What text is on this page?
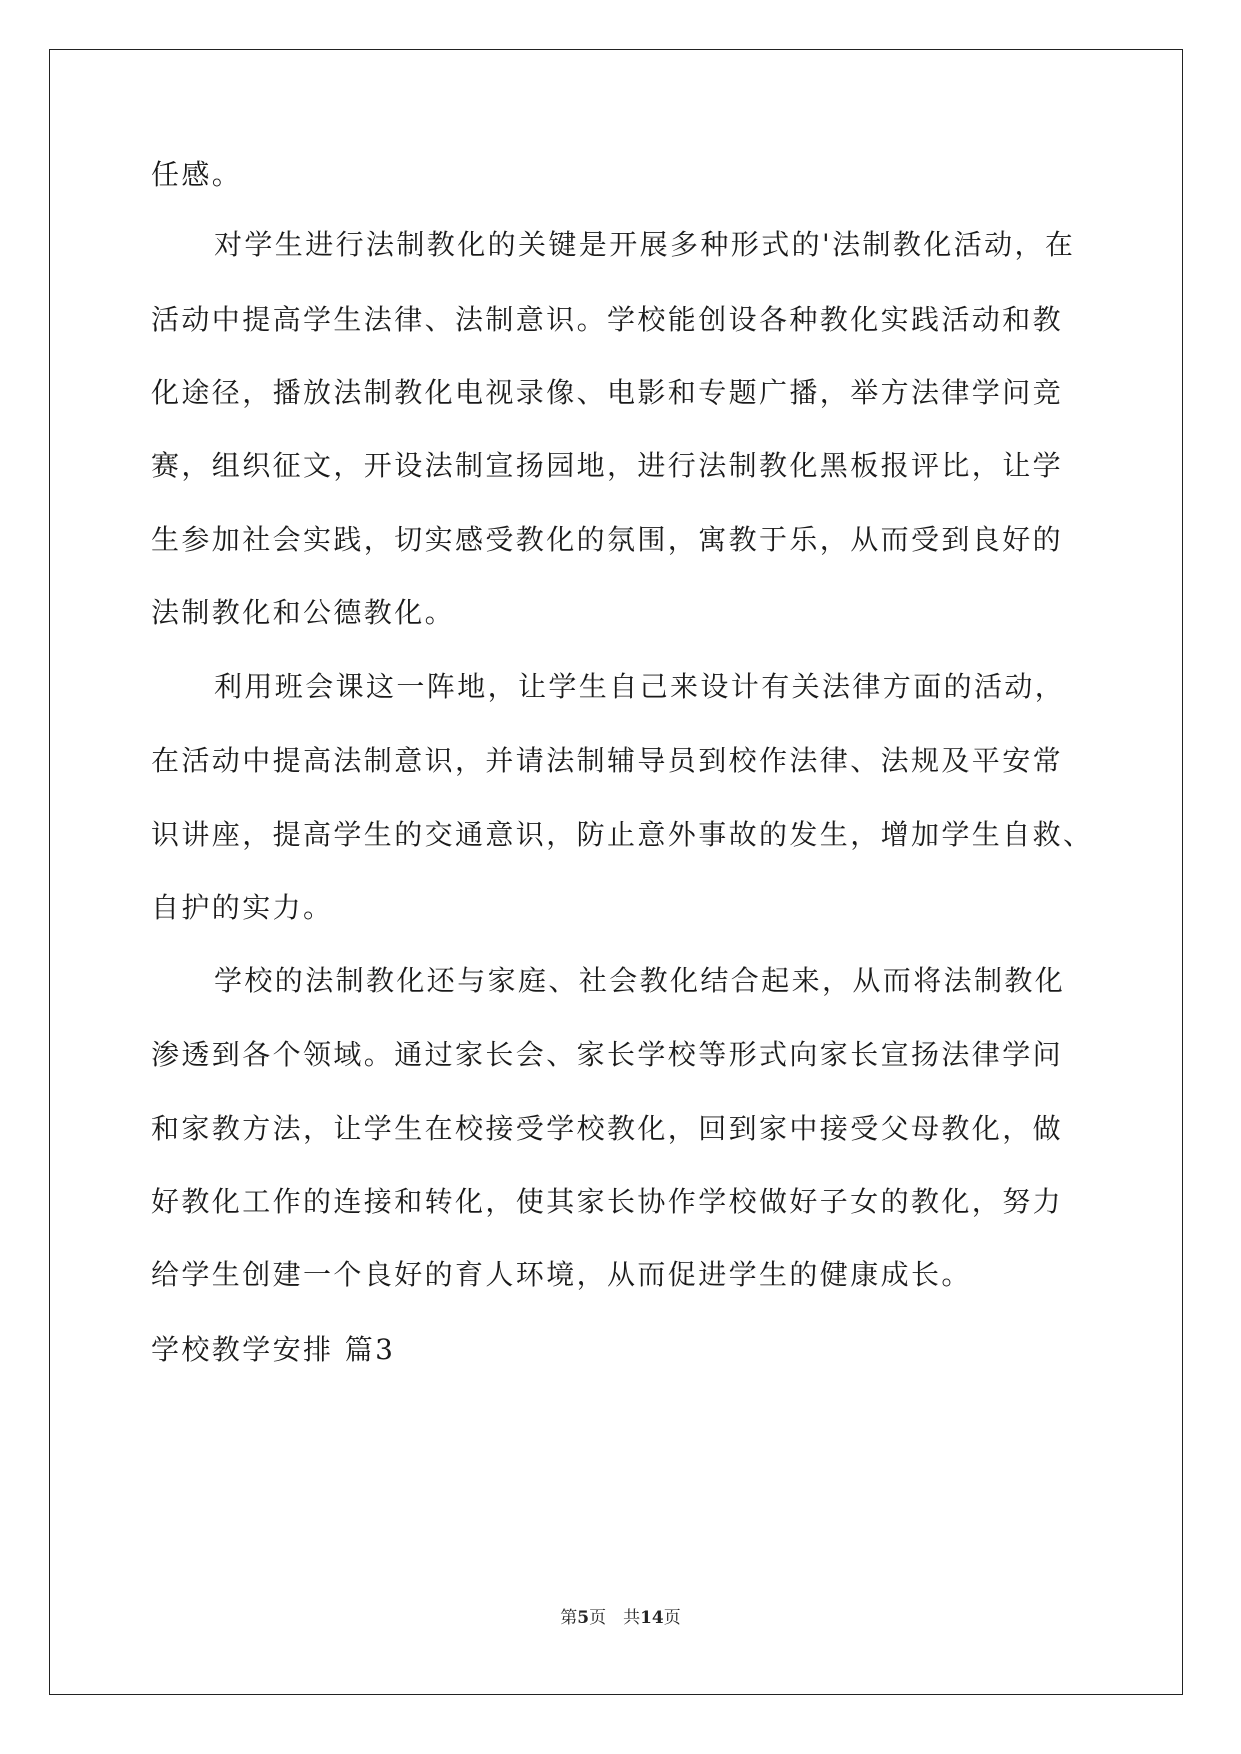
任感。
对学生进行法制教化的关键是开展多种形式的'法制教化活动，在
活动中提高学生法律、法制意识。学校能创设各种教化实践活动和教
化途径，播放法制教化电视录像、电影和专题广播，举方法律学问竞
赛，组织征文，开设法制宣扬园地，进行法制教化黑板报评比，让学
生参加社会实践，切实感受教化的氛围，寓教于乐，从而受到良好的
法制教化和公德教化。
利用班会课这一阵地，让学生自己来设计有关法律方面的活动，
在活动中提高法制意识，并请法制辅导员到校作法律、法规及平安常
识讲座，提高学生的交通意识，防止意外事故的发生，增加学生自救、
自护的实力。
学校的法制教化还与家庭、社会教化结合起来，从而将法制教化
渗透到各个领域。通过家长会、家长学校等形式向家长宣扬法律学问
和家教方法，让学生在校接受学校教化，回到家中接受父母教化，做
好教化工作的连接和转化，使其家长协作学校做好子女的教化，努力
给学生创建一个良好的育人环境，从而促进学生的健康成长。
学校教学安排 篇3
第5页　共14页
